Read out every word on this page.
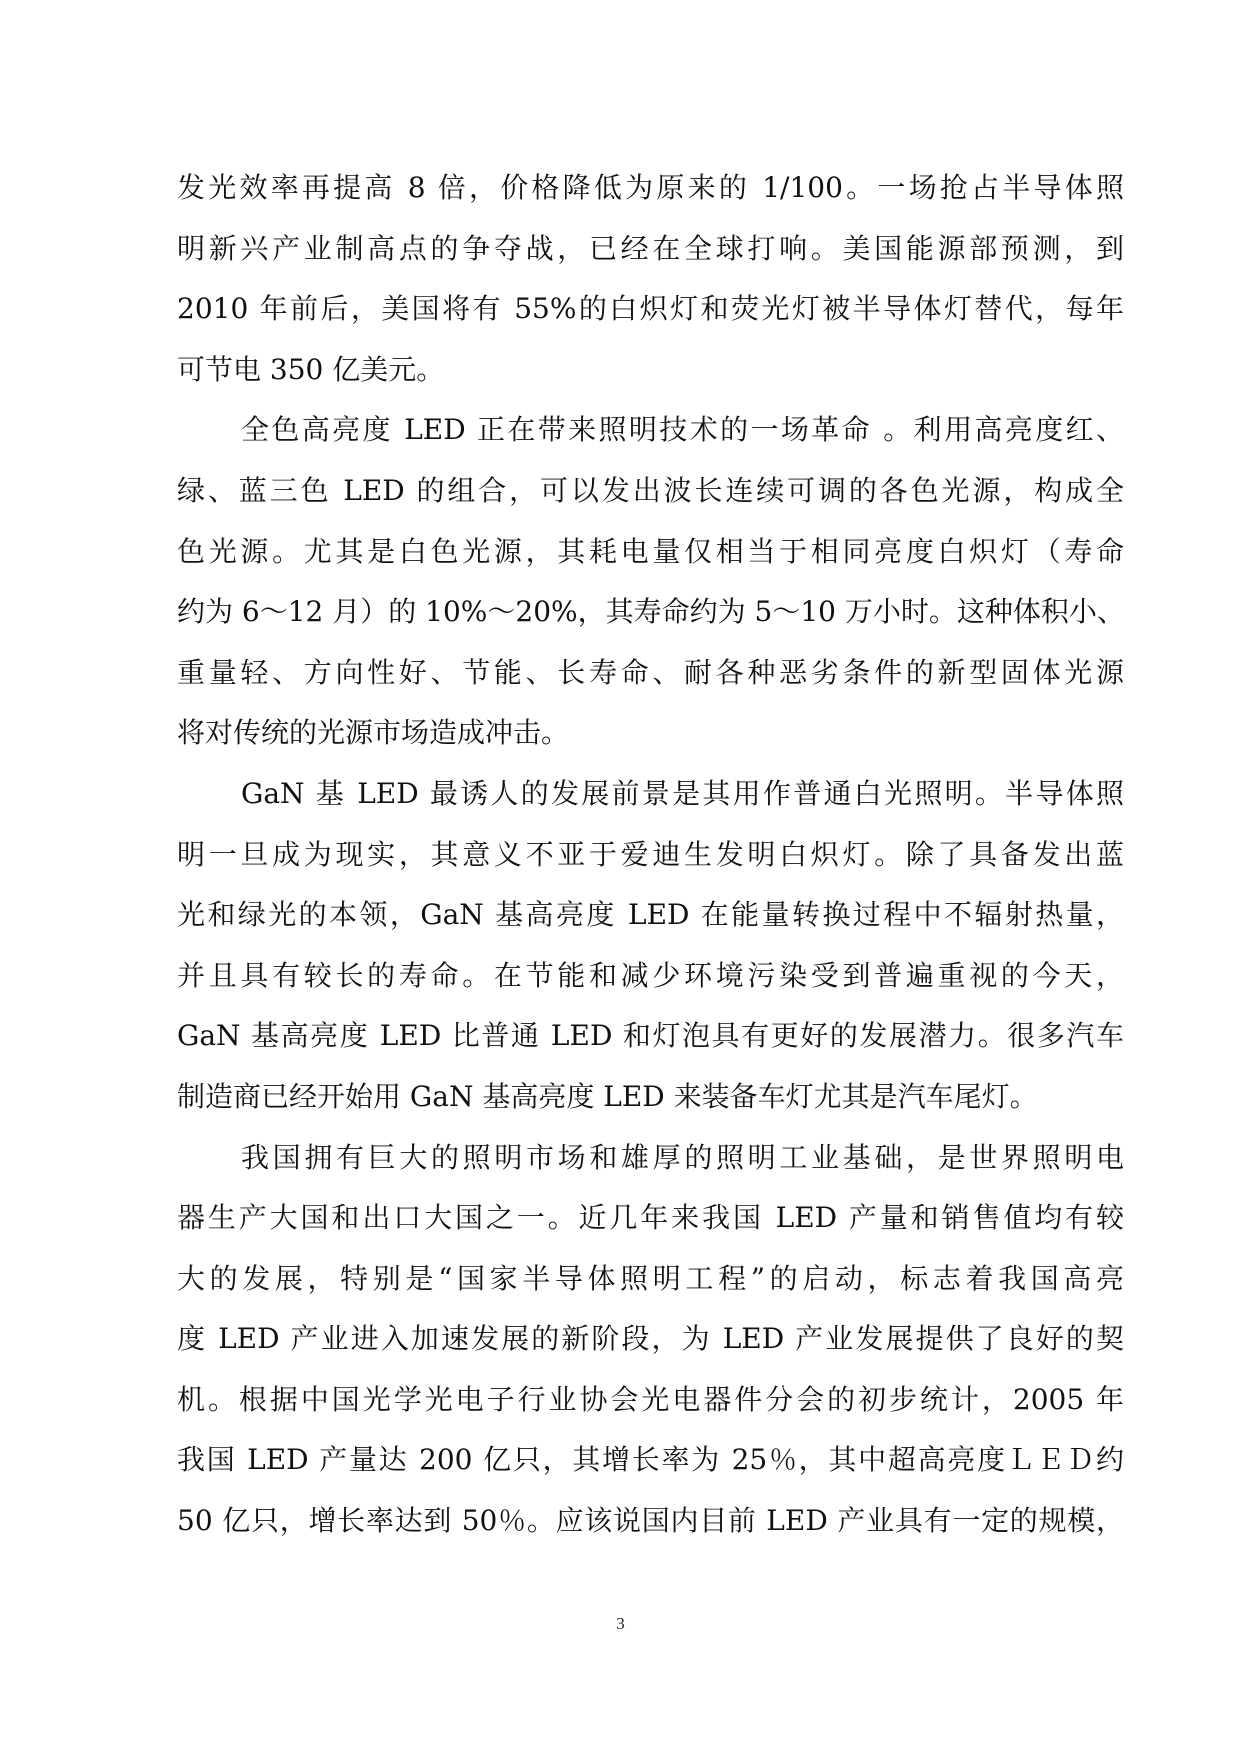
发光效率再提高 8 倍，价格降低为原来的 1/100。一场抢占半导体照
明新兴产业制高点的争夺战，已经在全球打响。美国能源部预测，到
2010 年前后，美国将有 55%的白炽灯和荧光灯被半导体灯替代，每年
可节电 350 亿美元。
全色高亮度 LED 正在带来照明技术的一场革命 。利用高亮度红、
绿、蓝三色 LED 的组合，可以发出波长连续可调的各色光源，构成全
色光源。尤其是白色光源，其耗电量仅相当于相同亮度白炽灯（寿命
约为 6～12 月）的 10%～20%，其寿命约为 5～10 万小时。这种体积小、
重量轻、方向性好、节能、长寿命、耐各种恶劣条件的新型固体光源
将对传统的光源市场造成冲击。
GaN 基 LED 最诱人的发展前景是其用作普通白光照明。半导体照
明一旦成为现实，其意义不亚于爱迪生发明白炽灯。除了具备发出蓝
光和绿光的本领，GaN 基高亮度 LED 在能量转换过程中不辐射热量，
并且具有较长的寿命。在节能和减少环境污染受到普遍重视的今天，
GaN 基高亮度 LED 比普通 LED 和灯泡具有更好的发展潜力。很多汽车
制造商已经开始用 GaN 基高亮度 LED 来装备车灯尤其是汽车尾灯。
我国拥有巨大的照明市场和雄厚的照明工业基础，是世界照明电
器生产大国和出口大国之一。近几年来我国 LED 产量和销售值均有较
大的发展，特别是“国家半导体照明工程”的启动，标志着我国高亮
度 LED 产业进入加速发展的新阶段，为 LED 产业发展提供了良好的契
机。根据中国光学光电子行业协会光电器件分会的初步统计，2005 年
我国 LED 产量达 200 亿只，其增长率为 25％，其中超高亮度ＬＥＤ约
50 亿只，增长率达到 50％。应该说国内目前 LED 产业具有一定的规模，
3
